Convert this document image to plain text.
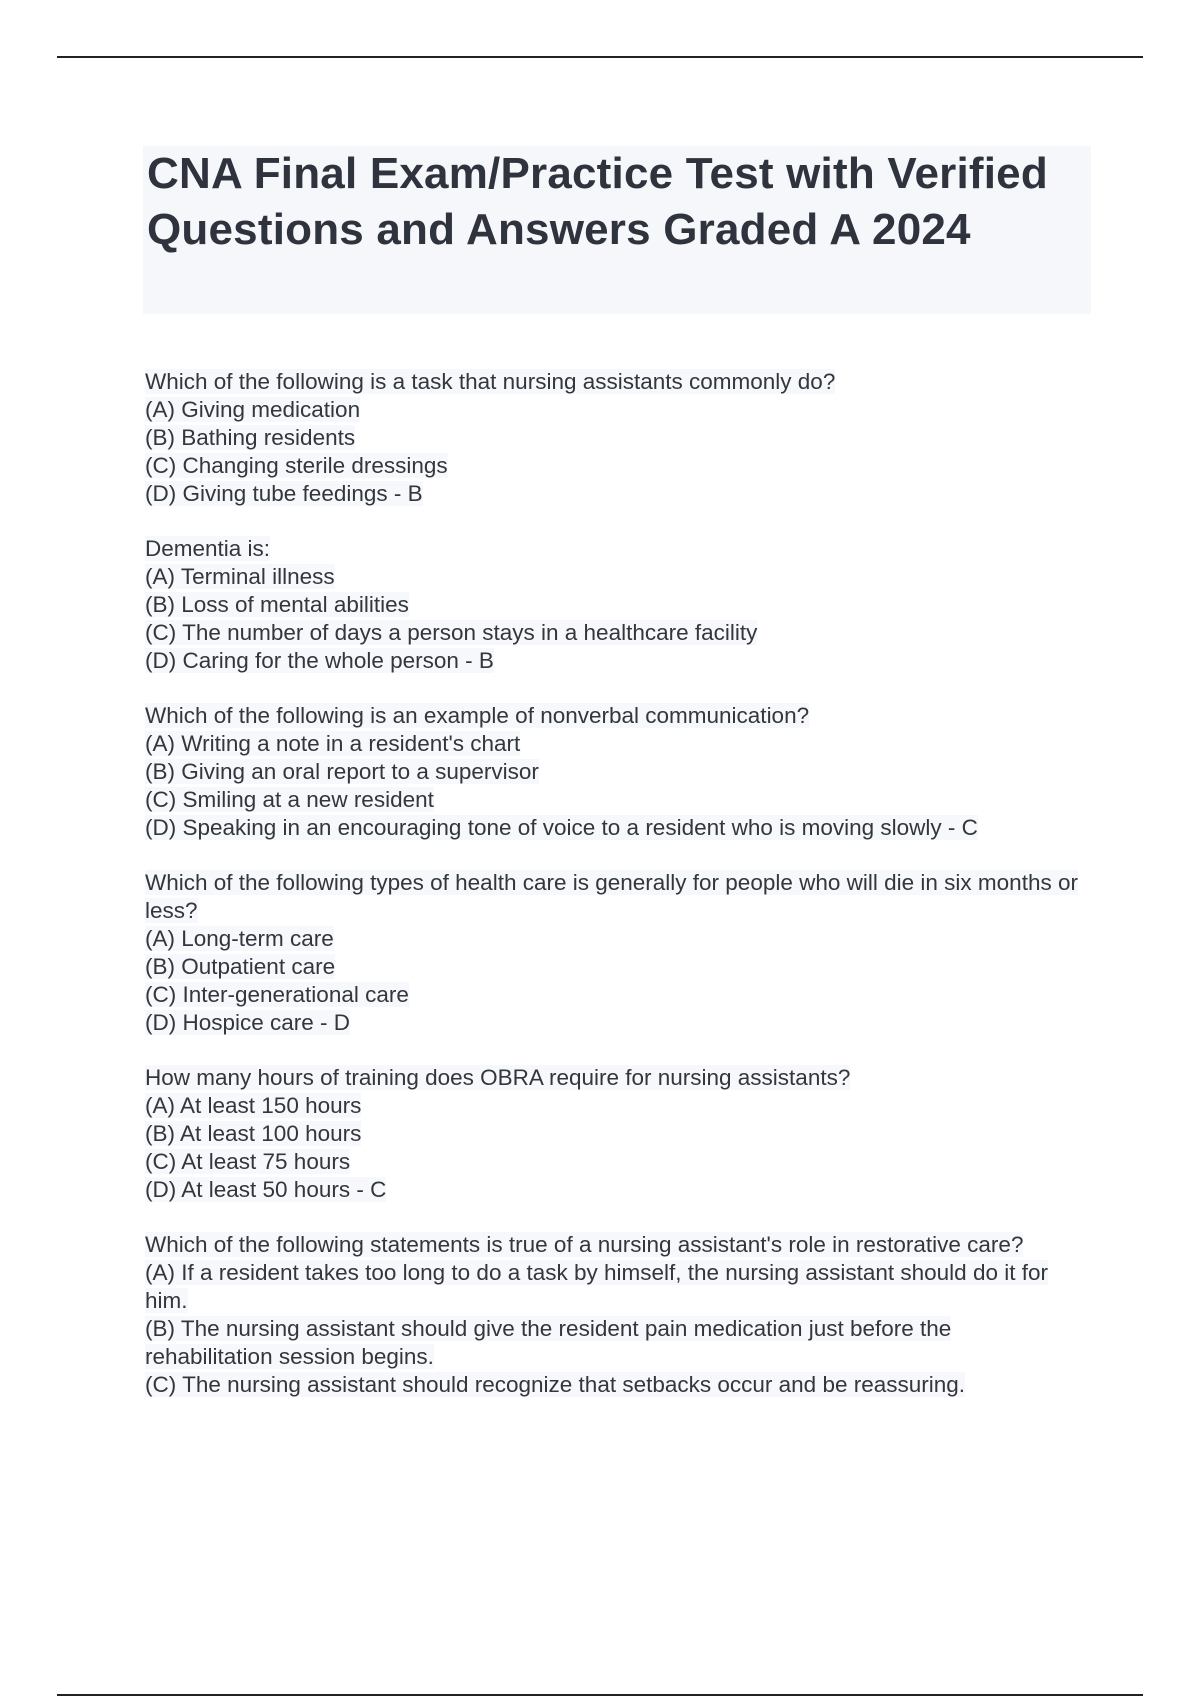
CNA Final Exam/Practice Test with Verified Questions and Answers Graded A 2024
Which of the following is a task that nursing assistants commonly do?
(A) Giving medication
(B) Bathing residents
(C) Changing sterile dressings
(D) Giving tube feedings - B
Dementia is:
(A) Terminal illness
(B) Loss of mental abilities
(C) The number of days a person stays in a healthcare facility
(D) Caring for the whole person - B
Which of the following is an example of nonverbal communication?
(A) Writing a note in a resident's chart
(B) Giving an oral report to a supervisor
(C) Smiling at a new resident
(D) Speaking in an encouraging tone of voice to a resident who is moving slowly - C
Which of the following types of health care is generally for people who will die in six months or less?
(A) Long-term care
(B) Outpatient care
(C) Inter-generational care
(D) Hospice care - D
How many hours of training does OBRA require for nursing assistants?
(A) At least 150 hours
(B) At least 100 hours
(C) At least 75 hours
(D) At least 50 hours - C
Which of the following statements is true of a nursing assistant's role in restorative care?
(A) If a resident takes too long to do a task by himself, the nursing assistant should do it for him.
(B) The nursing assistant should give the resident pain medication just before the rehabilitation session begins.
(C) The nursing assistant should recognize that setbacks occur and be reassuring.
